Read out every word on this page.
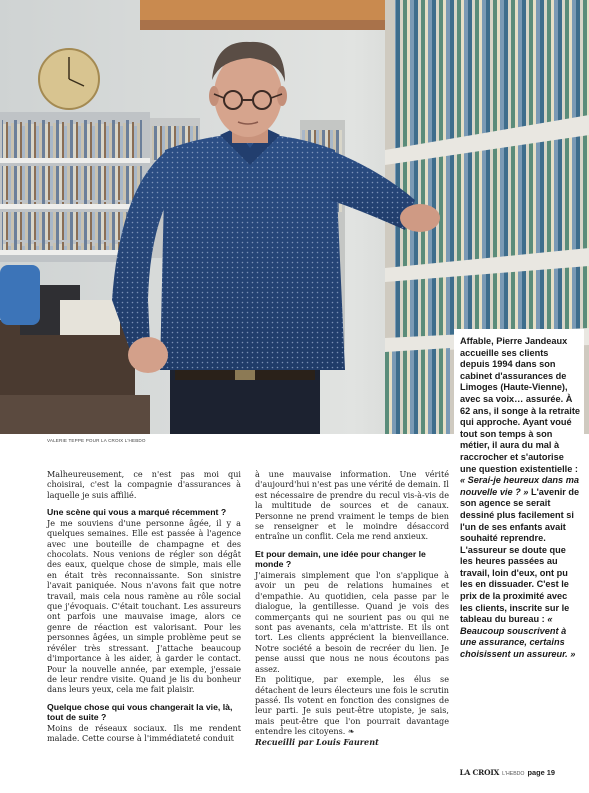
VALERIE TEPPE POUR LA CROIX L'HEBDO

Affable, Pierre Jandeaux accueille ses clients depuis 1994 dans son cabinet d'assurances de Limoges (Haute-Vienne), avec sa voix… assurée. À 62 ans, il songe à la retraite qui approche. Ayant voué tout son temps à son métier, il aura du mal à raccrocher et s'autorise une question existentielle : « Serai-je heureux dans ma nouvelle vie ? » L'avenir de son agence se serait dessiné plus facilement si l'un de ses enfants avait souhaité reprendre. L'assureur se doute que les heures passées au travail, loin d'eux, ont pu les en dissuader. C'est le prix de la proximité avec les clients, inscrite sur le tableau du bureau : « Beaucoup souscrivent à une assurance, certains choisissent un assureur. »

Malheureusement, ce n'est pas moi qui choisirai, c'est la compagnie d'assurances à laquelle je suis affilié.

Une scène qui vous a marqué récemment ?

Je me souviens d'une personne âgée, il y a quelques semaines. Elle est passée à l'agence avec une bouteille de champagne et des chocolats. Nous venions de régler son dégât des eaux, quelque chose de simple, mais elle en était très reconnaissante. Son sinistre l'avait paniquée. Nous n'avons fait que notre travail, mais cela nous ramène au rôle social que j'évoquais. C'était touchant. Les assureurs ont parfois une mauvaise image, alors ce genre de réaction est valorisant. Pour les personnes âgées, un simple problème peut se révéler très stressant. J'attache beaucoup d'importance à les aider, à garder le contact. Pour la nouvelle année, par exemple, j'essaie de leur rendre visite. Quand je lis du bonheur dans leurs yeux, cela me fait plaisir.

Quelque chose qui vous changerait la vie, là, tout de suite ?

Moins de réseaux sociaux. Ils me rendent malade. Cette course à l'immédiateté conduit

à une mauvaise information. Une vérité d'aujourd'hui n'est pas une vérité de demain. Il est nécessaire de prendre du recul vis-à-vis de la multitude de sources et de canaux. Personne ne prend vraiment le temps de bien se renseigner et le moindre désaccord entraîne un conflit. Cela me rend anxieux.

Et pour demain, une idée pour changer le monde ?

J'aimerais simplement que l'on s'applique à avoir un peu de relations humaines et d'empathie. Au quotidien, cela passe par le dialogue, la gentillesse. Quand je vois des commerçants qui ne sourient pas ou qui ne sont pas avenants, cela m'attriste. Et ils ont tort. Les clients apprécient la bienveillance. Notre société a besoin de recréer du lien. Je pense aussi que nous ne nous écoutons pas assez.

En politique, par exemple, les élus se détachent de leurs électeurs une fois le scrutin passé. Ils votent en fonction des consignes de leur parti. Je suis peut-être utopiste, je sais, mais peut-être que l'on pourrait davantage entendre les citoyens. ❧

Recueilli par Louis Faurent

LA CROIX L'HEBDO page 19
